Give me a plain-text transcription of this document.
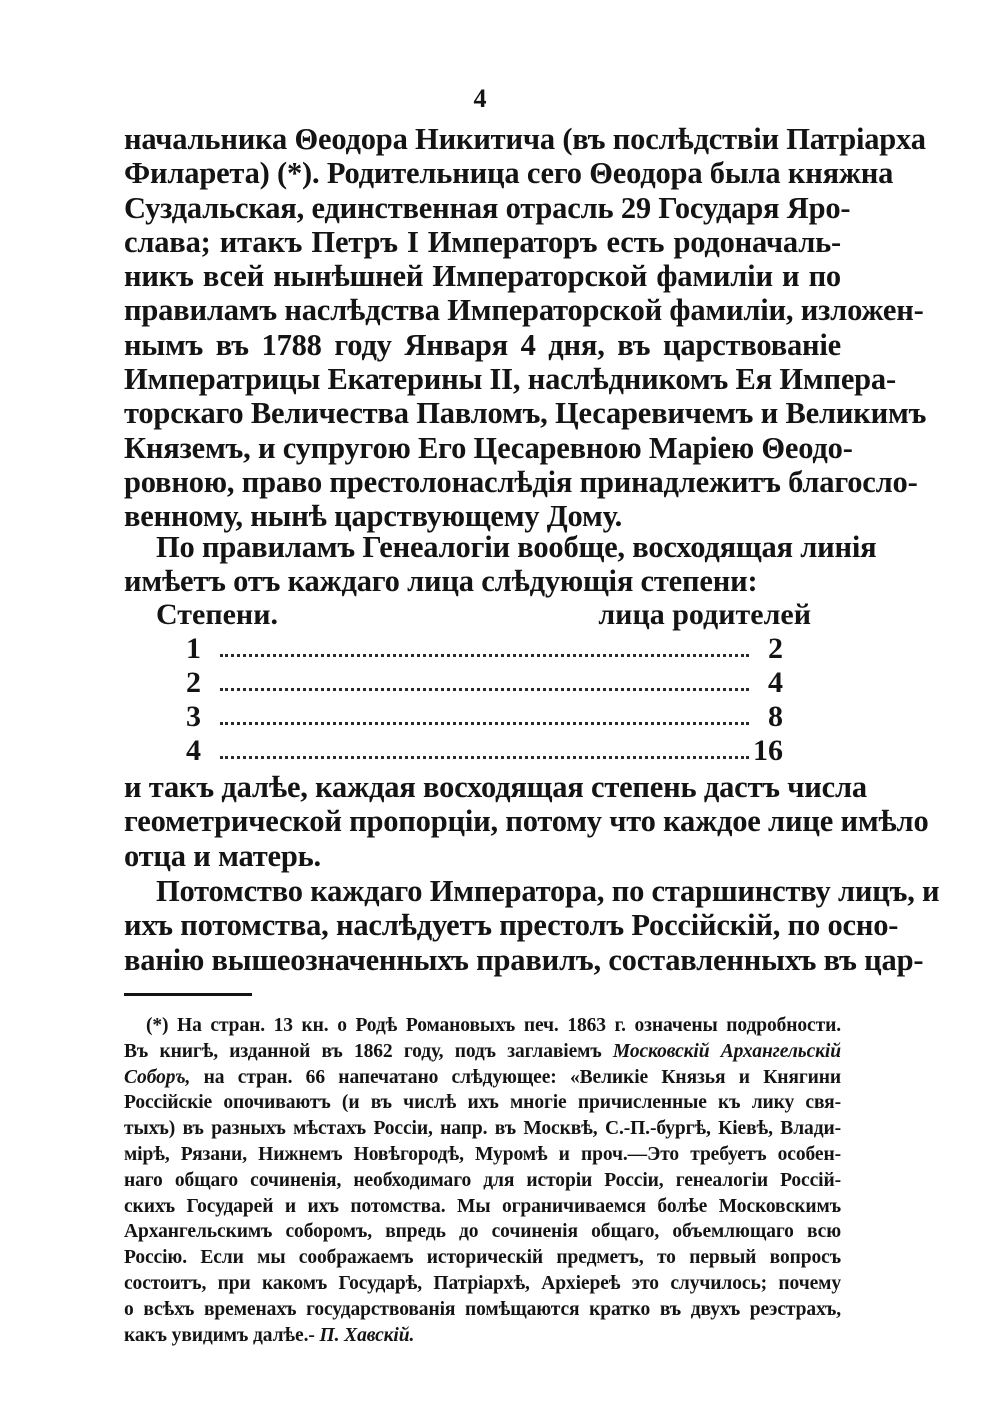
4
начальника Θеодора Никитича (въ послѣдствіи Патріарха
Филарета) (*). Родительница сего Θеодора была княжна
Суздальская, единственная отрасль 29 Государя Яро-
слава; итакъ Петръ I Императоръ есть родоначаль-
никъ всей нынѣшней Императорской фамиліи и по
правиламъ наслѣдства Императорской фамиліи, изложен-
нымъ въ 1788 году Января 4 дня, въ царствованіе
Императрицы Екатерины II, наслѣдникомъ Ея Импера-
торскаго Величества Павломъ, Цесаревичемъ и Великимъ
Княземъ, и супругою Его Цесаревною Маріею Θеодо-
ровною, право престолонаслѣдія принадлежитъ благосло-
венному, нынѣ царствующему Дому.
По правиламъ Генеалогіи вообще, восходящая линія
имѣетъ отъ каждаго лица слѣдующія степени:
Степени.	лица родителей
1	2
2	4
3	8
4	16
и такъ далѣе, каждая восходящая степень дастъ числа
геометрической пропорціи, потому что каждое лице имѣло
отца и матерь.
Потомство каждаго Императора, по старшинству лицъ, и
ихъ потомства, наслѣдуетъ престолъ Россійскій, по осно-
ванію вышеозначенныхъ правилъ, составленныхъ въ цар-
(*) На стран. 13 кн. о Родѣ Романовыхъ печ. 1863 г. означены подробности.
Въ книгѣ, изданной въ 1862 году, подъ заглавіемъ Московскій Архангельскій
Соборъ, на стран. 66 напечатано слѣдующее: «Великіе Князья и Княгини
Россійскіе опочиваютъ (и въ числѣ ихъ многіе причисленные къ лику свя-
тыхъ) въ разныхъ мѣстахъ Россіи, напр. въ Москвѣ, С.-П.-бургѣ, Кіевѣ, Влади-
мірѣ, Рязани, Нижнемъ Новѣгородѣ, Муромѣ и проч.—Это требуетъ особен-
наго общаго сочиненія, необходимаго для исторіи Россіи, генеалогіи Россій-
скихъ Государей и ихъ потомства. Мы ограничиваемся болѣе Московскимъ
Архангельскимъ соборомъ, впредь до сочиненія общаго, объемлющаго всю
Россію. Если мы соображаемъ историческій предметъ, то первый вопросъ
состоитъ, при какомъ Государѣ, Патріархѣ, Архіереѣ это случилось; почему
о всѣхъ временахъ государствованія помѣщаются кратко въ двухъ реэстрахъ,
какъ увидимъ далѣе.- П. Хавскій.
